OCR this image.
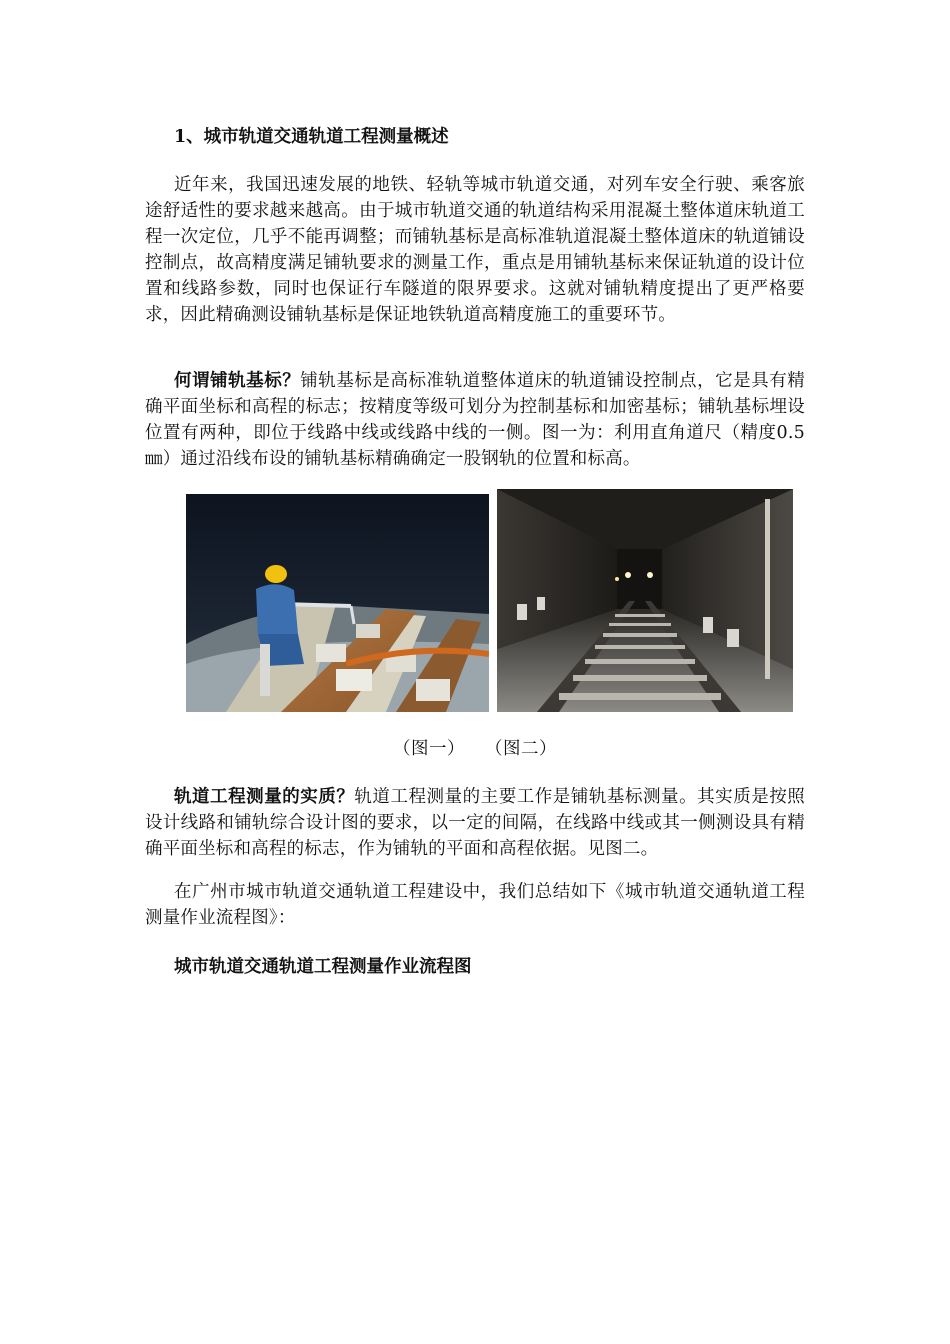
1、城市轨道交通轨道工程测量概述

近年来，我国迅速发展的地铁、轻轨等城市轨道交通，对列车安全行驶、乘客旅途舒适性的要求越来越高。由于城市轨道交通的轨道结构采用混凝土整体道床轨道工程一次定位，几乎不能再调整；而铺轨基标是高标准轨道混凝土整体道床的轨道铺设控制点，故高精度满足铺轨要求的测量工作，重点是用铺轨基标来保证轨道的设计位置和线路参数，同时也保证行车隧道的限界要求。这就对铺轨精度提出了更严格要求，因此精确测设铺轨基标是保证地铁轨道高精度施工的重要环节。

何谓铺轨基标？铺轨基标是高标准轨道整体道床的轨道铺设控制点，它是具有精确平面坐标和高程的标志；按精度等级可划分为控制基标和加密基标；铺轨基标埋设位置有两种，即位于线路中线或线路中线的一侧。图一为：利用直角道尺（精度0.5㎜）通过沿线布设的铺轨基标精确确定一股钢轨的位置和标高。

（图一） （图二）

轨道工程测量的实质？轨道工程测量的主要工作是铺轨基标测量。其实质是按照设计线路和铺轨综合设计图的要求，以一定的间隔，在线路中线或其一侧测设具有精确平面坐标和高程的标志，作为铺轨的平面和高程依据。见图二。

在广州市城市轨道交通轨道工程建设中，我们总结如下《城市轨道交通轨道工程测量作业流程图》：

城市轨道交通轨道工程测量作业流程图
